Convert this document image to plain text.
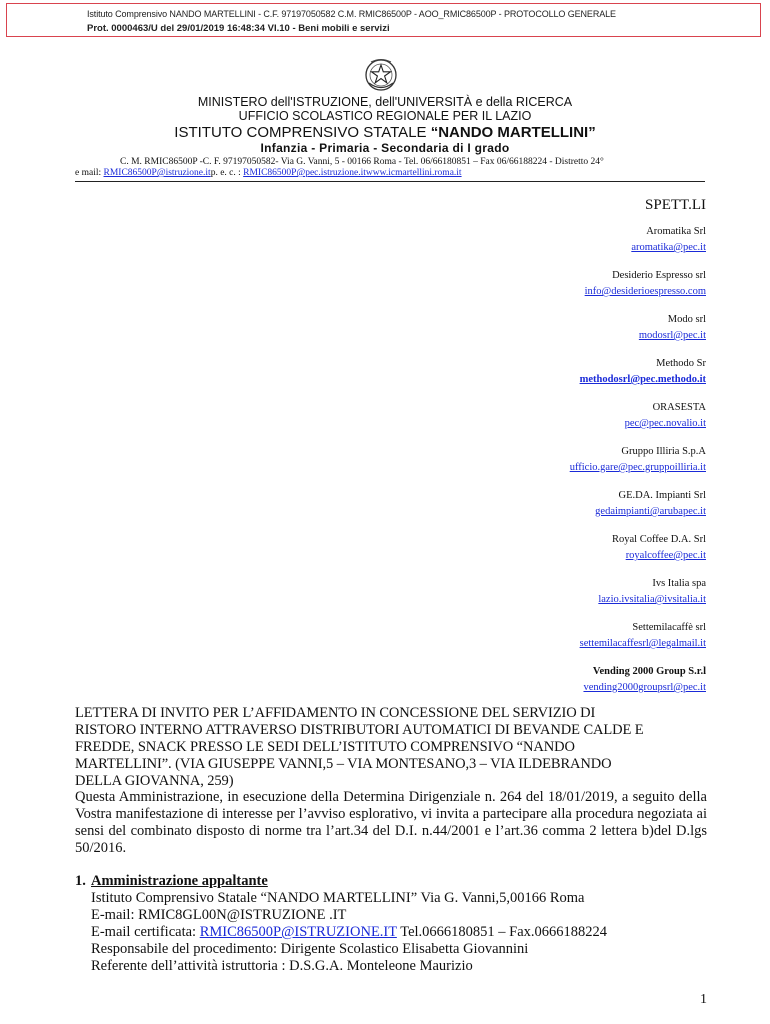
Istituto Comprensivo NANDO MARTELLINI - C.F. 97197050582 C.M. RMIC86500P - AOO_RMIC86500P - PROTOCOLLO GENERALE
Prot. 0000463/U del 29/01/2019 16:48:34 VI.10 - Beni mobili e servizi
MINISTERO dell'ISTRUZIONE, dell'UNIVERSITÀ e della RICERCA
UFFICIO SCOLASTICO REGIONALE PER IL LAZIO
ISTITUTO COMPRENSIVO STATALE “NANDO MARTELLINI”
Infanzia - Primaria - Secondaria di I grado
C. M. RMIC86500P -C. F. 97197050582- Via G. Vanni, 5 - 00166 Roma - Tel. 06/66180851 – Fax 06/66188224 - Distretto 24°
e mail: RMIC86500P@istruzione.itp. e. c. : RMIC86500P@pec.istruzione.itwww.icmartellini.roma.it
SPETT.LI
Aromatika Srl
aromatika@pec.it
Desiderio Espresso srl
info@desiderioespresso.com
Modo srl
modosrl@pec.it
Methodo Sr
methodosrl@pec.methodo.it
ORASESTA
pec@pec.novalio.it
Gruppo Illiria S.p.A
ufficio.gare@pec.gruppoilliria.it
GE.DA. Impianti Srl
gedaimpianti@arubapec.it
Royal Coffee D.A. Srl
royalcoffee@pec.it
Ivs Italia spa
lazio.ivsitalia@ivsitalia.it
Settemilacaffè srl
settemilacaffesrl@legalmail.it
Vending 2000 Group S.r.l
vending2000groupsrl@pec.it
LETTERA DI INVITO PER L’AFFIDAMENTO IN CONCESSIONE DEL SERVIZIO DI
RISTORO INTERNO ATTRAVERSO DISTRIBUTORI AUTOMATICI DI BEVANDE CALDE E
FREDDE, SNACK PRESSO LE SEDI DELL’ISTITUTO COMPRENSIVO “NANDO
MARTELLINI”. (VIA GIUSEPPE VANNI,5 – VIA MONTESANO,3 – VIA ILDEBRANDO
DELLA GIOVANNA, 259)
Questa Amministrazione, in esecuzione della Determina Dirigenziale n. 264 del 18/01/2019, a seguito della Vostra manifestazione di interesse per l’avviso esplorativo, vi invita a partecipare alla procedura negoziata ai sensi del combinato disposto di norme tra l’art.34 del D.I. n.44/2001 e l’art.36 comma 2 lettera b)del D.lgs 50/2016.
1. Amministrazione appaltante
Istituto Comprensivo Statale “NANDO MARTELLINI” Via G. Vanni,5,00166 Roma
E-mail: RMIC8GL00N@ISTRUZIONE .IT
E-mail certificata: RMIC86500P@ISTRUZIONE.IT Tel.0666180851 – Fax.0666188224
Responsabile del procedimento: Dirigente Scolastico Elisabetta Giovannini
Referente dell’attività istruttoria : D.S.G.A. Monteleone Maurizio
1
